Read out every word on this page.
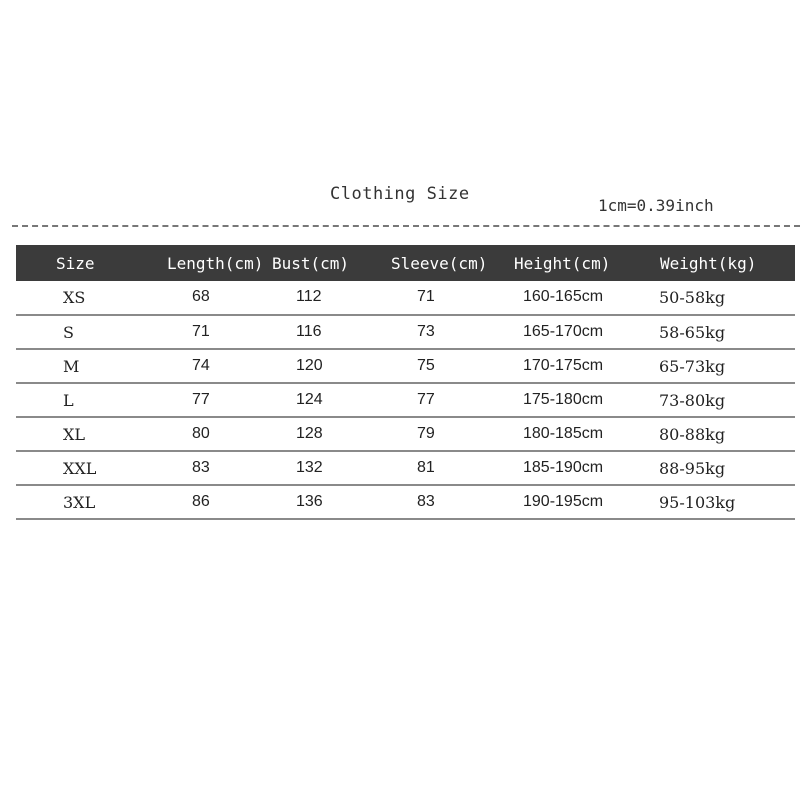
Clothing Size
1cm=0.39inch
Size	Length(cm)	Bust(cm)	Sleeve(cm)	Height(cm)	Weight(kg)
XS	68	112	71	160-165cm	50-58kg
S	71	116	73	165-170cm	58-65kg
M	74	120	75	170-175cm	65-73kg
L	77	124	77	175-180cm	73-80kg
XL	80	128	79	180-185cm	80-88kg
XXL	83	132	81	185-190cm	88-95kg
3XL	86	136	83	190-195cm	95-103kg
